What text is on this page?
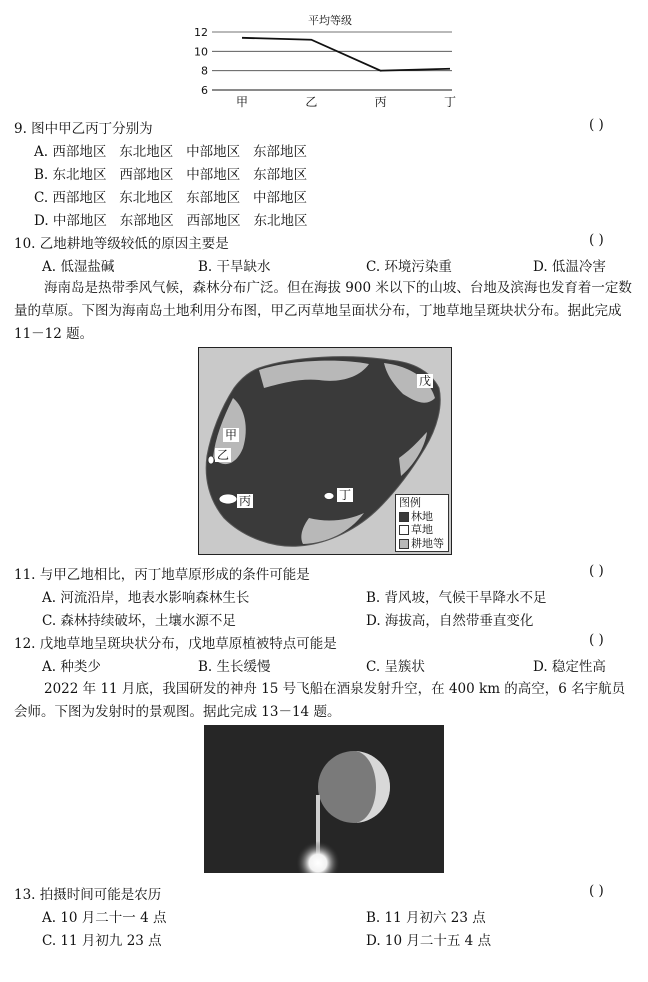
平均等级
6
8
10
12
甲	乙	丙	丁
9. 图中甲乙丙丁分别为	( )
A. 西部地区   东北地区   中部地区   东部地区
B. 东北地区   西部地区   中部地区   东部地区
C. 西部地区   东北地区   东部地区   中部地区
D. 中部地区   东部地区   西部地区   东北地区
10. 乙地耕地等级较低的原因主要是	( )
A. 低湿盐碱	B. 干旱缺水	C. 环境污染重	D. 低温冷害
海南岛是热带季风气候，森林分布广泛。但在海拔 900 米以下的山坡、台地及滨海也发育着一定数量的草原。下图为海南岛土地利用分布图，甲乙丙草地呈面状分布，丁地草地呈斑块状分布。据此完成 11－12 题。
甲
乙
丙	丁
戊
图例
林地
草地
耕地等
11. 与甲乙地相比，丙丁地草原形成的条件可能是	( )
A. 河流沿岸，地表水影响森林生长	B. 背风坡，气候干旱降水不足
C. 森林持续破坏，土壤水源不足	D. 海拔高，自然带垂直变化
12. 戊地草地呈斑块状分布，戊地草原植被特点可能是	( )
A. 种类少	B. 生长缓慢	C. 呈簇状	D. 稳定性高
2022 年 11 月底，我国研发的神舟 15 号飞船在酒泉发射升空，在 400 km 的高空，6 名宇航员会师。下图为发射时的景观图。据此完成 13－14 题。
13. 拍摄时间可能是农历	( )
A. 10 月二十一 4 点	B. 11 月初六 23 点
C. 11 月初九 23 点	D. 10 月二十五 4 点
